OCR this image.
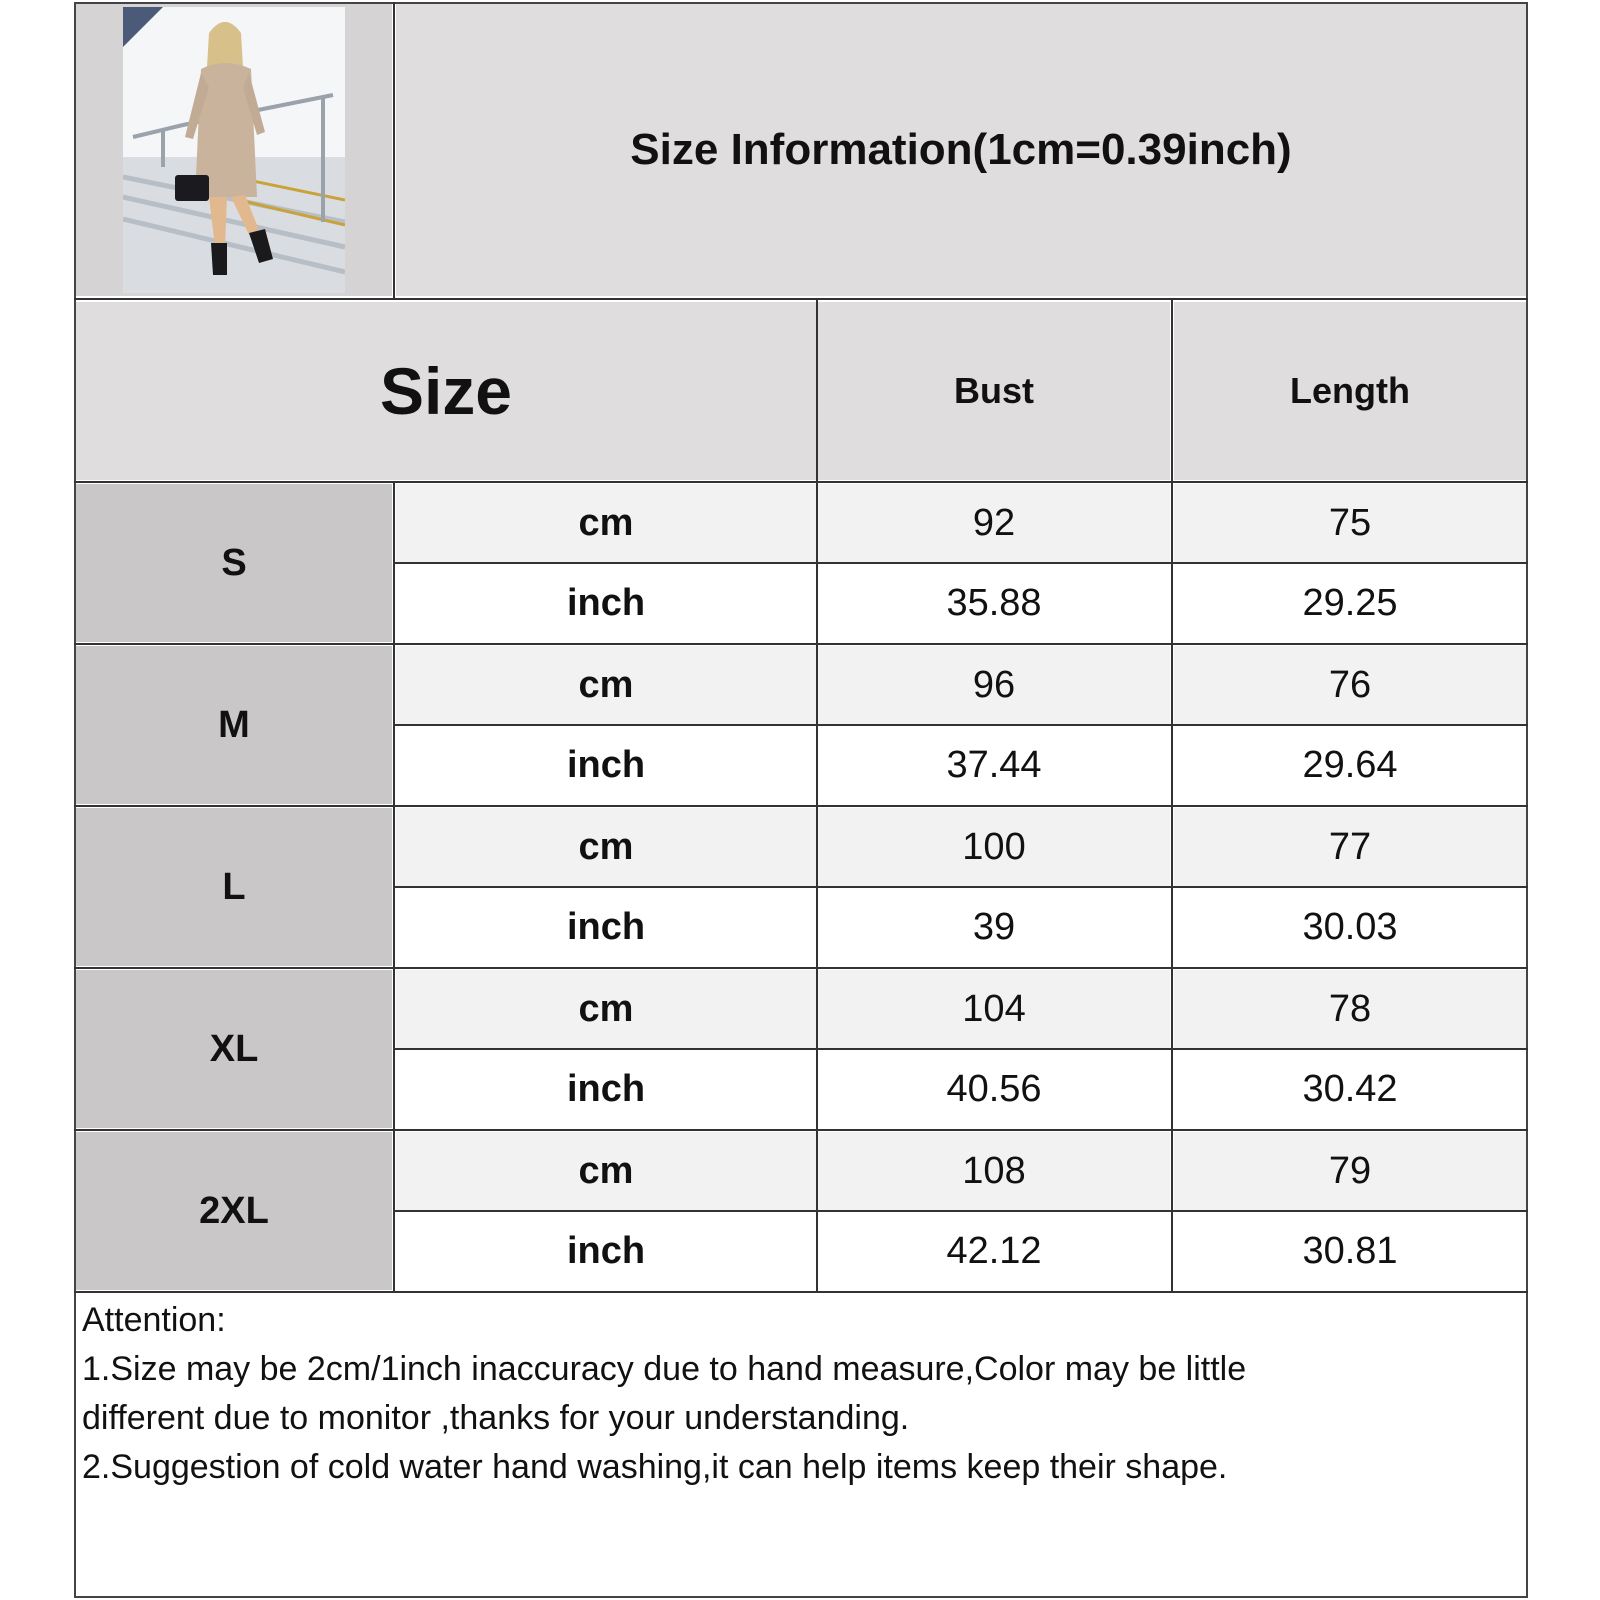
Size Information(1cm=0.39inch)
Size	Bust	Length
S
cm	92	75
inch	35.88	29.25
M
cm	96	76
inch	37.44	29.64
L
cm	100	77
inch	39	30.03
XL
cm	104	78
inch	40.56	30.42
2XL
cm	108	79
inch	42.12	30.81
Attention:
1.Size may be 2cm/1inch inaccuracy due to hand measure,Color may be little
different due to monitor ,thanks for your understanding.
2.Suggestion of cold water hand washing,it can help items keep their shape.
